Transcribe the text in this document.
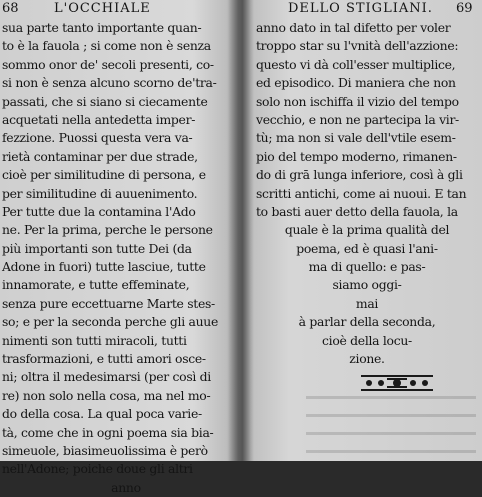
68	L'OCCHIALE
sua parte tanto importante quan-
to è la fauola ; si come non è senza
sommo onor de' secoli presenti, co-
si non è senza alcuno scorno de'tra-
passati, che si siano si ciecamente
acquetati nella antedetta imper-
fezzione. Puossi questa vera va-
rietà contaminar per due strade,
cioè per similitudine di persona, e
per similitudine di auuenimento.
Per tutte due la contamina l'Ado
ne. Per la prima, perche le persone
più importanti son tutte Dei (da
Adone in fuori) tutte lasciue, tutte
innamorate, e tutte effeminate,
senza pure eccettuarne Marte stes-
so; e per la seconda perche gli auue
nimenti son tutti miracoli, tutti
trasformazioni, e tutti amori osce-
ni; oltra il medesimarsi (per così di
re) non solo nella cosa, ma nel mo-
do della cosa. La qual poca varie-
tà, come che in ogni poema sia bia-
simeuole, biasimeuolissima è però
nell'Adone; poiche doue gli altri
anno
DELLO STIGLIANI. 69
anno dato in tal difetto per voler
troppo star su l'vnità dell'azzione:
questo vi dà coll'esser multiplice,
ed episodico. Di maniera che non
solo non ischiffa il vizio del tempo
vecchio, e non ne partecipa la vir-
tù; ma non si vale dell'vtile esem-
pio del tempo moderno, rimanen-
do di grā lunga inferiore, così à gli
scritti antichi, come ai nuoui. E tan
to basti auer detto della fauola, la
quale è la prima qualità del
poema, ed è quasi l'ani-
ma di quello: e pas-
siamo oggi-
mai
à parlar della seconda,
cioè della locu-
zione.
